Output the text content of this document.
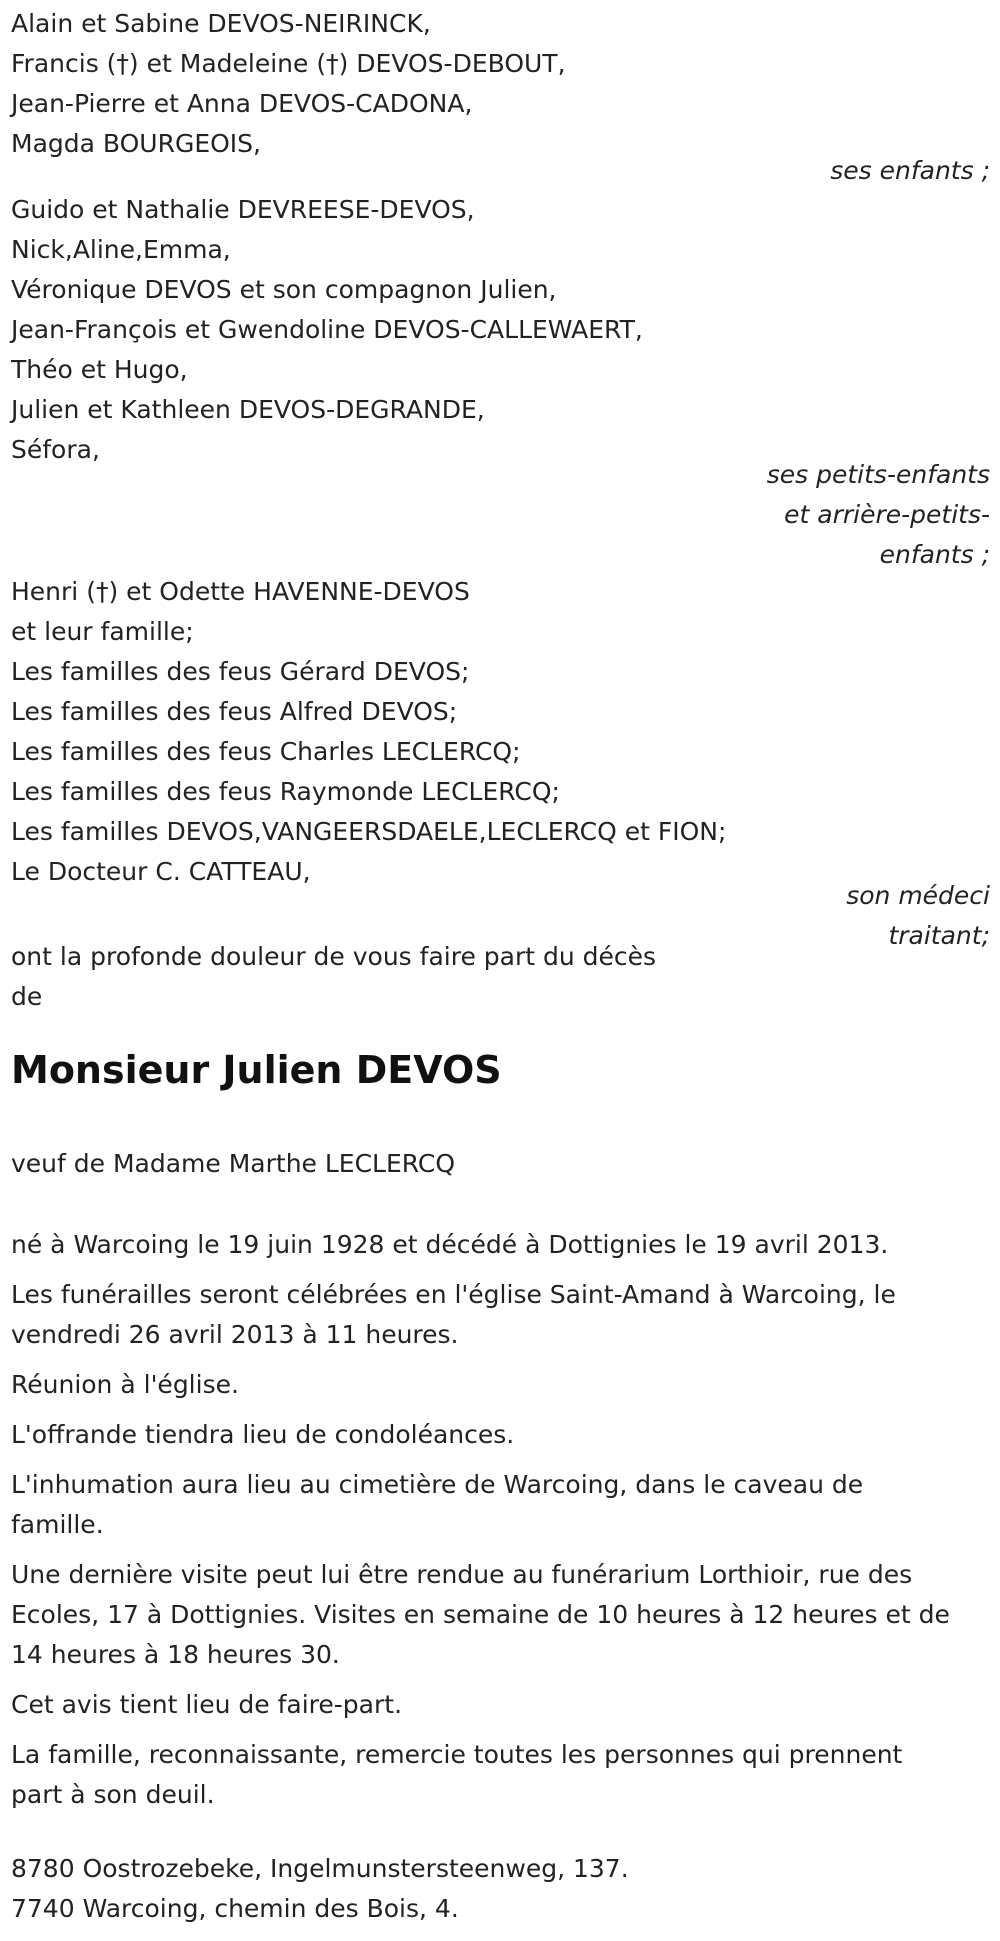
Alain et Sabine DEVOS-NEIRINCK,
Francis (†) et Madeleine (†) DEVOS-DEBOUT,
Jean-Pierre et Anna DEVOS-CADONA,
Magda BOURGEOIS,
ses enfants ;
Guido et Nathalie DEVREESE-DEVOS,
Nick,Aline,Emma,
Véronique DEVOS et son compagnon Julien,
Jean-François et Gwendoline DEVOS-CALLEWAERT,
Théo et Hugo,
Julien et Kathleen DEVOS-DEGRANDE,
Séfora,
ses petits-enfants
et arrière-petits-
enfants ;
Henri (†) et Odette HAVENNE-DEVOS
et leur famille;
Les familles des feus Gérard DEVOS;
Les familles des feus Alfred DEVOS;
Les familles des feus Charles LECLERCQ;
Les familles des feus Raymonde LECLERCQ;
Les familles DEVOS,VANGEERSDAELE,LECLERCQ et FION;
Le Docteur C. CATTEAU,
son médeci
traitant;
ont la profonde douleur de vous faire part du décès
de
Monsieur Julien DEVOS
veuf de Madame Marthe LECLERCQ
né à Warcoing le 19 juin 1928 et décédé à Dottignies le 19 avril 2013.
Les funérailles seront célébrées en l'église Saint-Amand à Warcoing, le
vendredi 26 avril 2013 à 11 heures.
Réunion à l'église.
L'offrande tiendra lieu de condoléances.
L'inhumation aura lieu au cimetière de Warcoing, dans le caveau de
famille.
Une dernière visite peut lui être rendue au funérarium Lorthioir, rue des
Ecoles, 17 à Dottignies. Visites en semaine de 10 heures à 12 heures et de
14 heures à 18 heures 30.
Cet avis tient lieu de faire-part.
La famille, reconnaissante, remercie toutes les personnes qui prennent
part à son deuil.
8780 Oostrozebeke, Ingelmunstersteenweg, 137.
7740 Warcoing, chemin des Bois, 4.
